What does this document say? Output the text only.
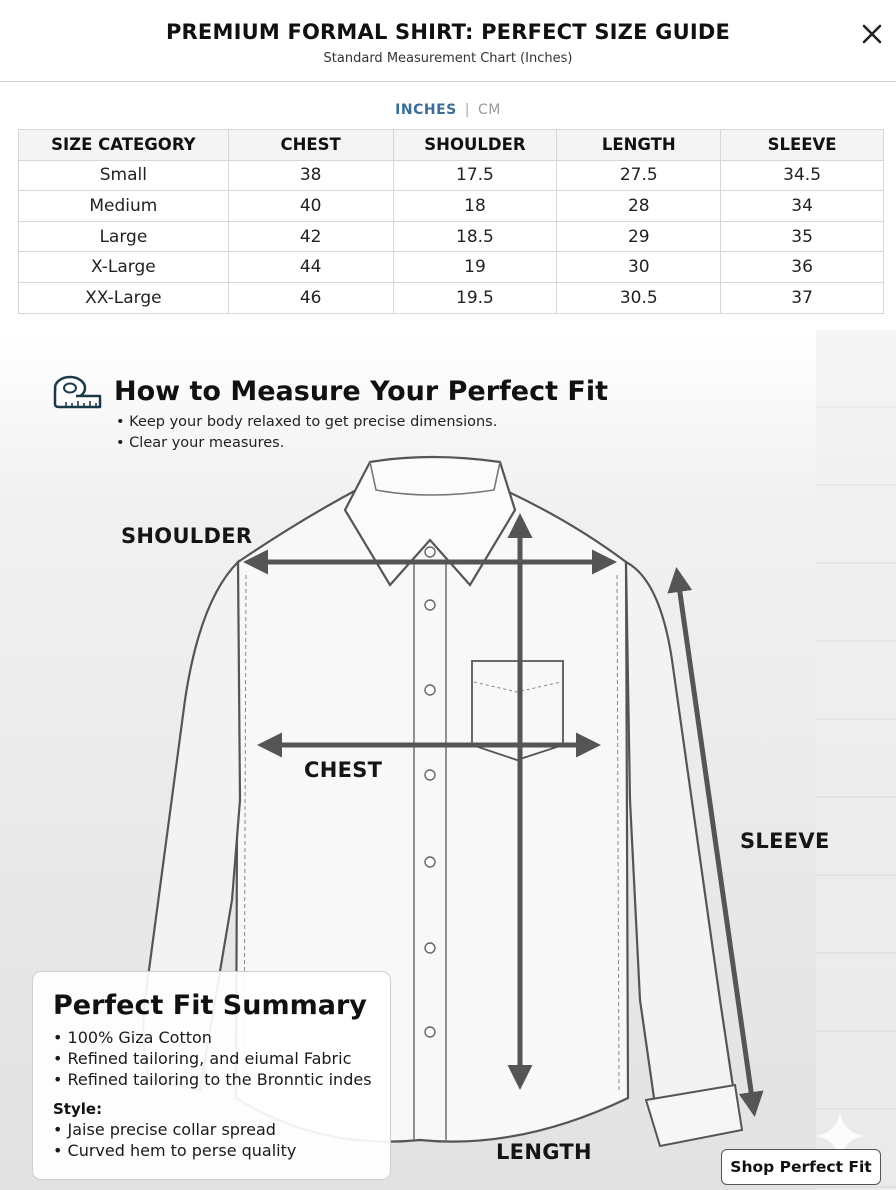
PREMIUM FORMAL SHIRT: PERFECT SIZE GUIDE
Standard Measurement Chart (Inches)
INCHES | CM
SIZE CATEGORY	CHEST	SHOULDER	LENGTH	SLEEVE
Small	38	17.5	27.5	34.5
Medium	40	18	28	34
Large	42	18.5	29	35
X-Large	44	19	30	36
XX-Large	46	19.5	30.5	37
How to Measure Your Perfect Fit
• Keep your body relaxed to get precise dimensions.
• Clear your measures.
SHOULDER
CHEST
SLEEVE
LENGTH
Perfect Fit Summary
• 100% Giza Cotton
• Refined tailoring, and eiumal Fabric
• Refined tailoring to the Bronntic indes
Style:
• Jaise precise collar spread
• Curved hem to perse quality
Shop Perfect Fit
